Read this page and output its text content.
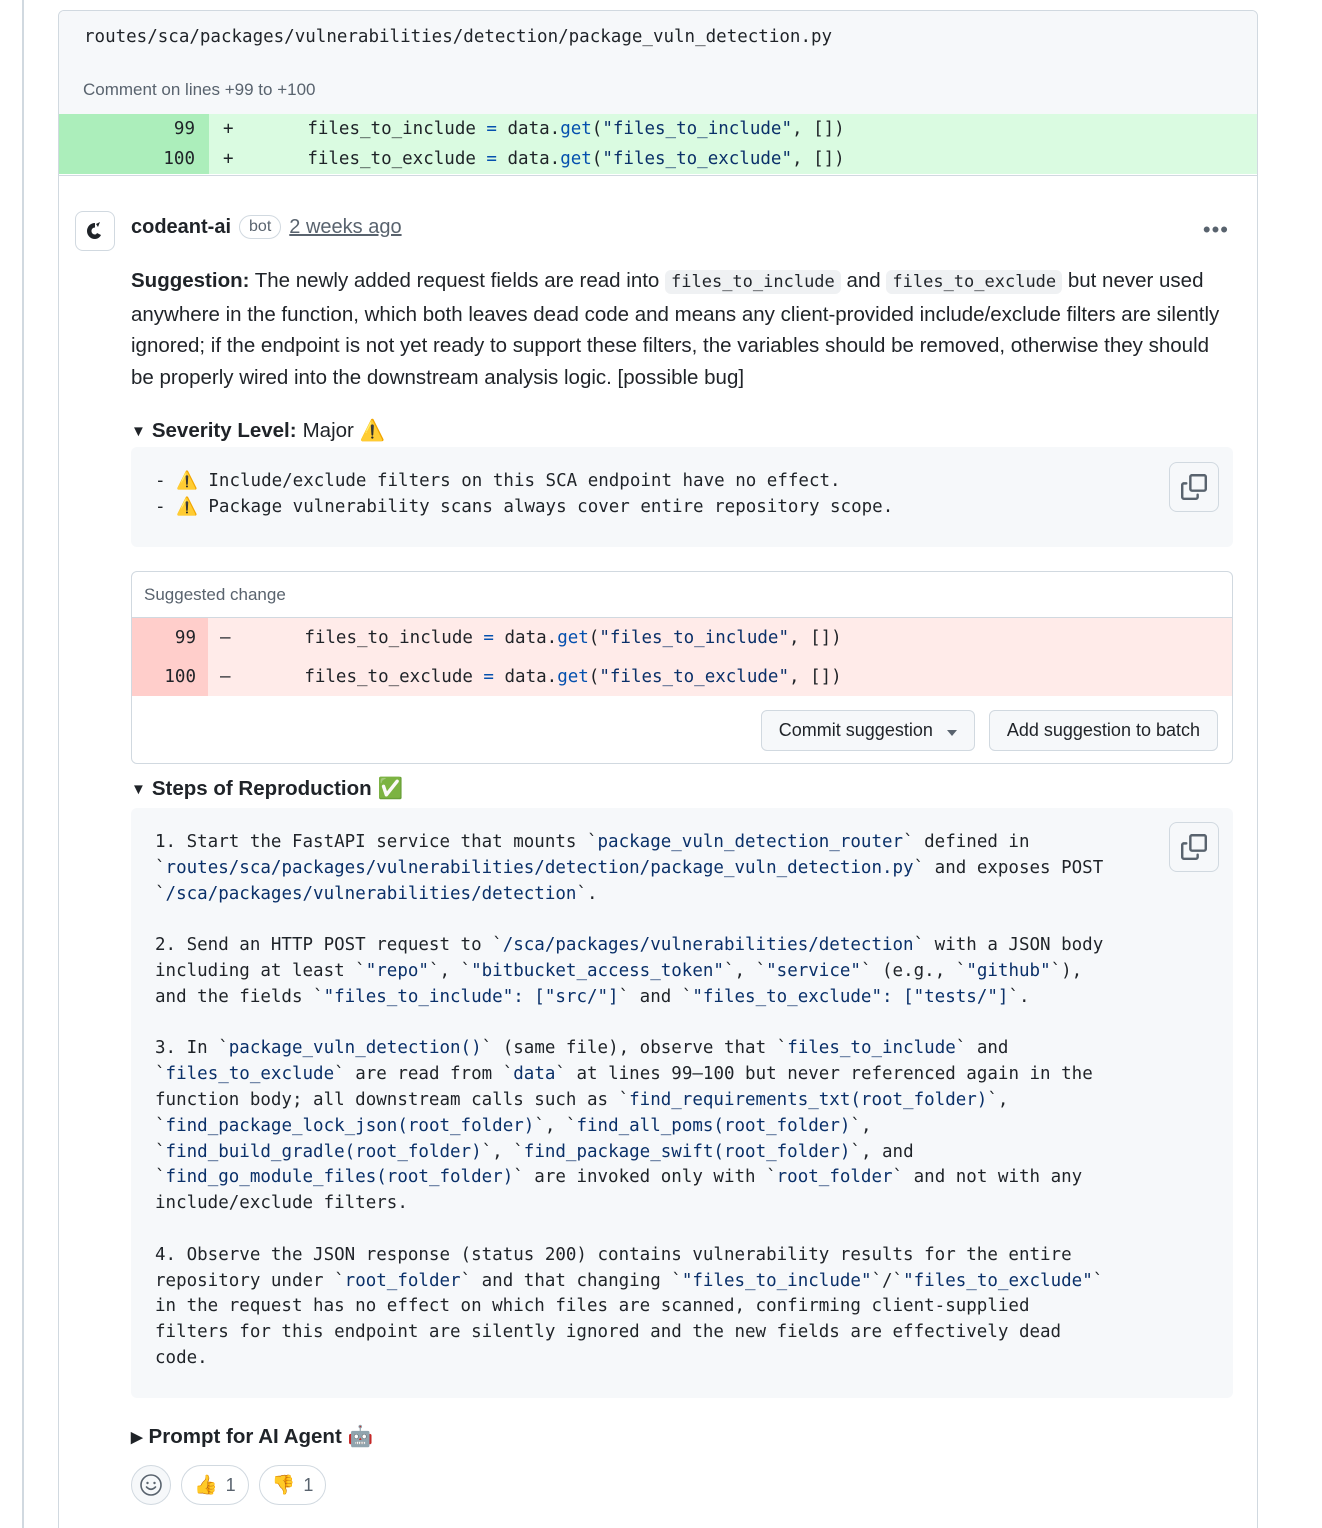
routes/sca/packages/vulnerabilities/detection/package_vuln_detection.py
Comment on lines +99 to +100
99	+ files_to_include = data.get("files_to_include", [])
100	+ files_to_exclude = data.get("files_to_exclude", [])
codeant-ai	bot 2 weeks ago	•••
Suggestion: The newly added request fields are read into files_to_include and files_to_exclude but never used anywhere in the function, which both leaves dead code and means any client-provided include/exclude filters are silently ignored; if the endpoint is not yet ready to support these filters, the variables should be removed, otherwise they should be properly wired into the downstream analysis logic. [possible bug]
▼ Severity Level: Major ⚠️
- ⚠️ Include/exclude filters on this SCA endpoint have no effect.
- ⚠️ Package vulnerability scans always cover entire repository scope.
Suggested change
99	– files_to_include = data.get("files_to_include", [])
100	– files_to_exclude = data.get("files_to_exclude", [])
Commit suggestion	Add suggestion to batch
▼ Steps of Reproduction ✅
1. Start the FastAPI service that mounts `package_vuln_detection_router` defined in
`routes/sca/packages/vulnerabilities/detection/package_vuln_detection.py` and exposes POST
`/sca/packages/vulnerabilities/detection`.

2. Send an HTTP POST request to `/sca/packages/vulnerabilities/detection` with a JSON body
including at least `"repo"`, `"bitbucket_access_token"`, `"service"` (e.g., `"github"`),
and the fields `"files_to_include": ["src/"]` and `"files_to_exclude": ["tests/"]`.

3. In `package_vuln_detection()` (same file), observe that `files_to_include` and
`files_to_exclude` are read from `data` at lines 99–100 but never referenced again in the
function body; all downstream calls such as `find_requirements_txt(root_folder)`,
`find_package_lock_json(root_folder)`, `find_all_poms(root_folder)`,
`find_build_gradle(root_folder)`, `find_package_swift(root_folder)`, and
`find_go_module_files(root_folder)` are invoked only with `root_folder` and not with any
include/exclude filters.

4. Observe the JSON response (status 200) contains vulnerability results for the entire
repository under `root_folder` and that changing `"files_to_include"`/`"files_to_exclude"`
in the request has no effect on which files are scanned, confirming client-supplied
filters for this endpoint are silently ignored and the new fields are effectively dead
code.
▶ Prompt for AI Agent 🤖
👍 1 👎 1
